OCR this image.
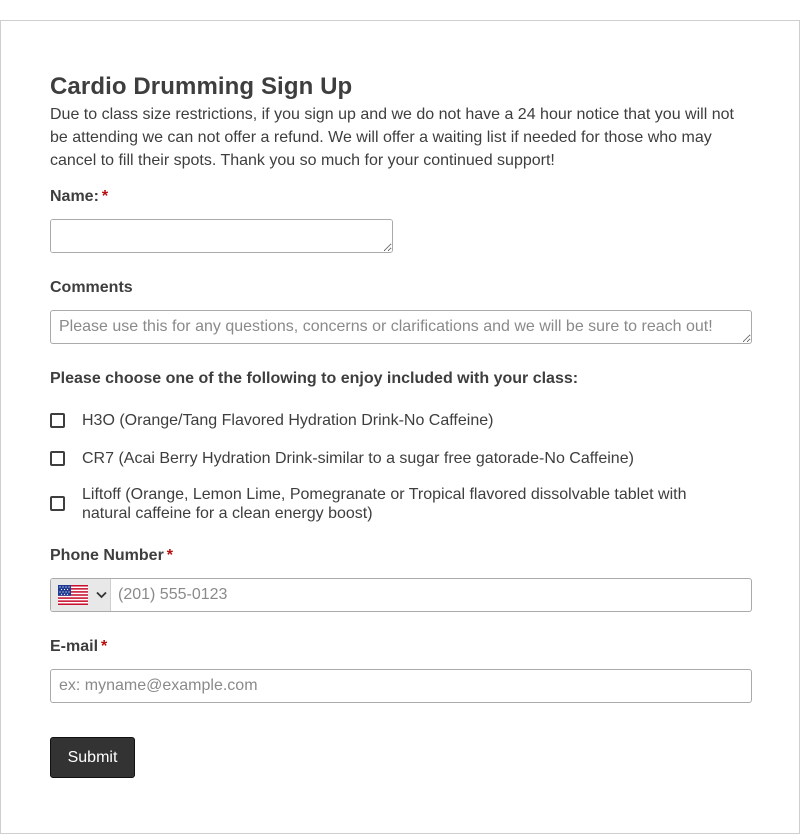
Cardio Drumming Sign Up

Due to class size restrictions, if you sign up and we do not have a 24 hour notice that you will not be attending we can not offer a refund. We will offer a waiting list if needed for those who may cancel to fill their spots. Thank you so much for your continued support!

Name: *
Comments
Please use this for any questions, concerns or clarifications and we will be sure to reach out!
Please choose one of the following to enjoy included with your class:
H3O (Orange/Tang Flavored Hydration Drink-No Caffeine)
CR7 (Acai Berry Hydration Drink-similar to a sugar free gatorade-No Caffeine)
Liftoff (Orange, Lemon Lime, Pomegranate or Tropical flavored dissolvable tablet with natural caffeine for a clean energy boost)
Phone Number *
(201) 555-0123
E-mail *
ex: myname@example.com
Submit
